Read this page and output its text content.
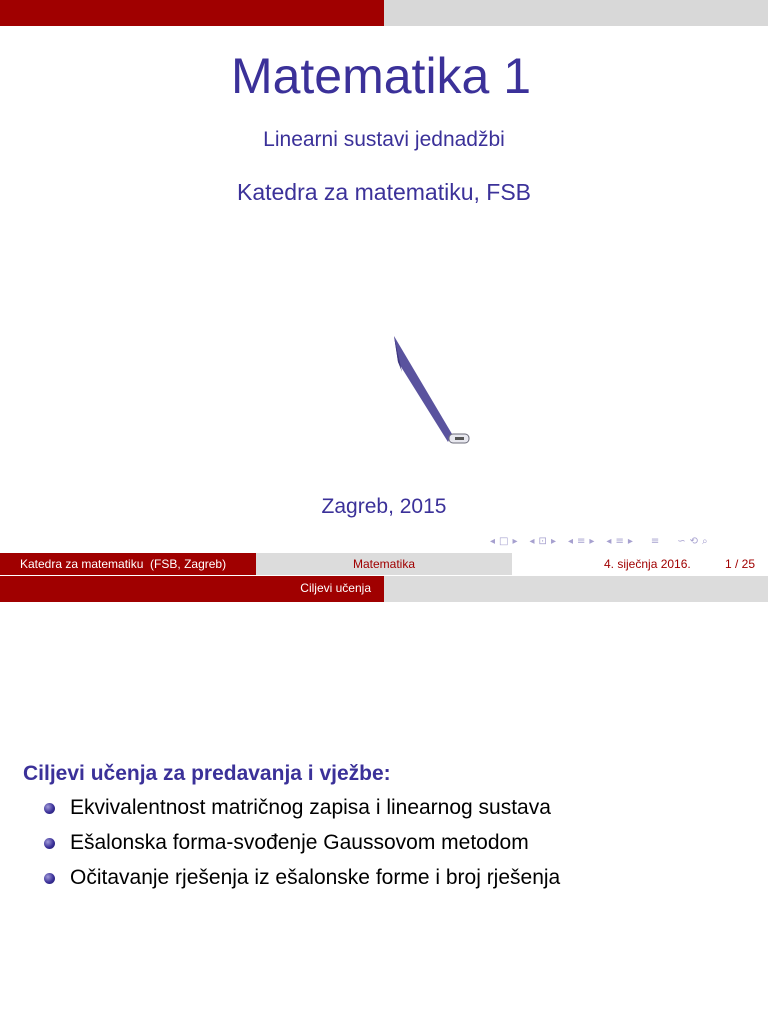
Matematika 1
Linearni sustavi jednadžbi
Katedra za matematiku, FSB
Zagreb, 2015
◂ □ ▸ ◂ ⊡ ▸ ◂ ≡ ▸ ◂ ≡ ▸ ≡ ∽ ⟲ ⌕
Katedra za matematiku  (FSB, Zagreb)	Matematika	4. siječnja 2016.	1 / 25
Ciljevi učenja
Ciljevi učenja za predavanja i vježbe:
Ekvivalentnost matričnog zapisa i linearnog sustava
Ešalonska forma-svođenje Gaussovom metodom
Očitavanje rješenja iz ešalonske forme i broj rješenja
